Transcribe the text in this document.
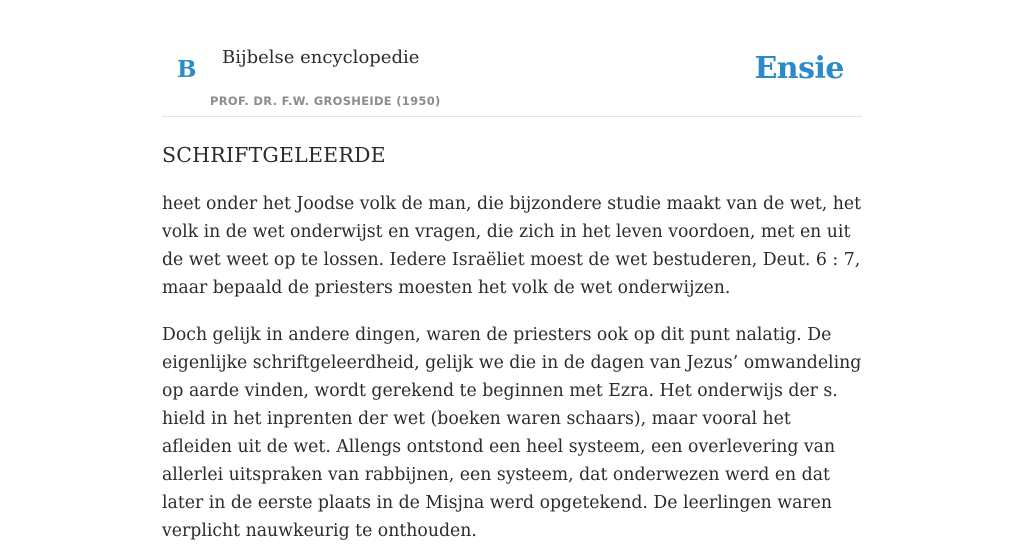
B Bijbelse encyclopedie
PROF. DR. F.W. GROSHEIDE (1950)
Ensie
SCHRIFTGELEERDE

heet onder het Joodse volk de man, die bijzondere studie maakt van de wet, het volk in de wet onderwijst en vragen, die zich in het leven voordoen, met en uit de wet weet op te lossen. Iedere Israëliet moest de wet bestuderen, Deut. 6 : 7, maar bepaald de priesters moesten het volk de wet onderwijzen.

Doch gelijk in andere dingen, waren de priesters ook op dit punt nalatig. De eigenlijke schriftgeleerdheid, gelijk we die in de dagen van Jezus’ omwandeling op aarde vinden, wordt gerekend te beginnen met Ezra. Het onderwijs der s. hield in het inprenten der wet (boeken waren schaars), maar vooral het afleiden uit de wet. Allengs ontstond een heel systeem, een overlevering van allerlei uitspraken van rabbijnen, een systeem, dat onderwezen werd en dat later in de eerste plaats in de Misjna werd opgetekend. De leerlingen waren verplicht nauwkeurig te onthouden.
